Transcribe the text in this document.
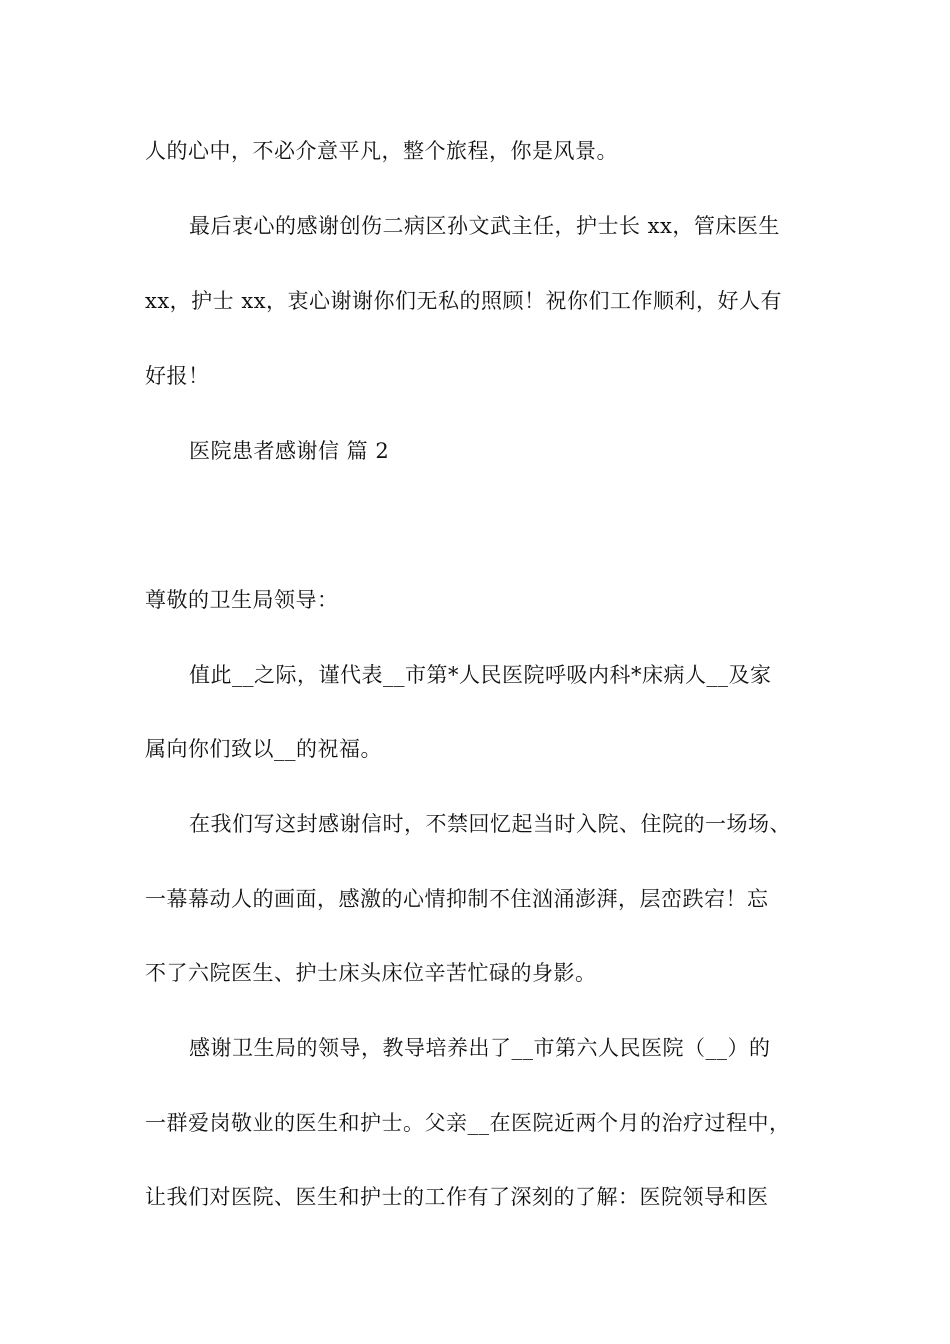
人的心中，不必介意平凡，整个旅程，你是风景。
最后衷心的感谢创伤二病区孙文武主任，护士长 xx，管床医生
xx，护士 xx，衷心谢谢你们无私的照顾！祝你们工作顺利，好人有
好报！
医院患者感谢信 篇 2
尊敬的卫生局领导：
值此__之际，谨代表__市第*人民医院呼吸内科*床病人__及家
属向你们致以__的祝福。
在我们写这封感谢信时，不禁回忆起当时入院、住院的一场场、
一幕幕动人的画面，感激的心情抑制不住汹涌澎湃，层峦跌宕！忘
不了六院医生、护士床头床位辛苦忙碌的身影。
感谢卫生局的领导，教导培养出了__市第六人民医院（__）的
一群爱岗敬业的医生和护士。父亲__在医院近两个月的治疗过程中，
让我们对医院、医生和护士的工作有了深刻的了解：医院领导和医
